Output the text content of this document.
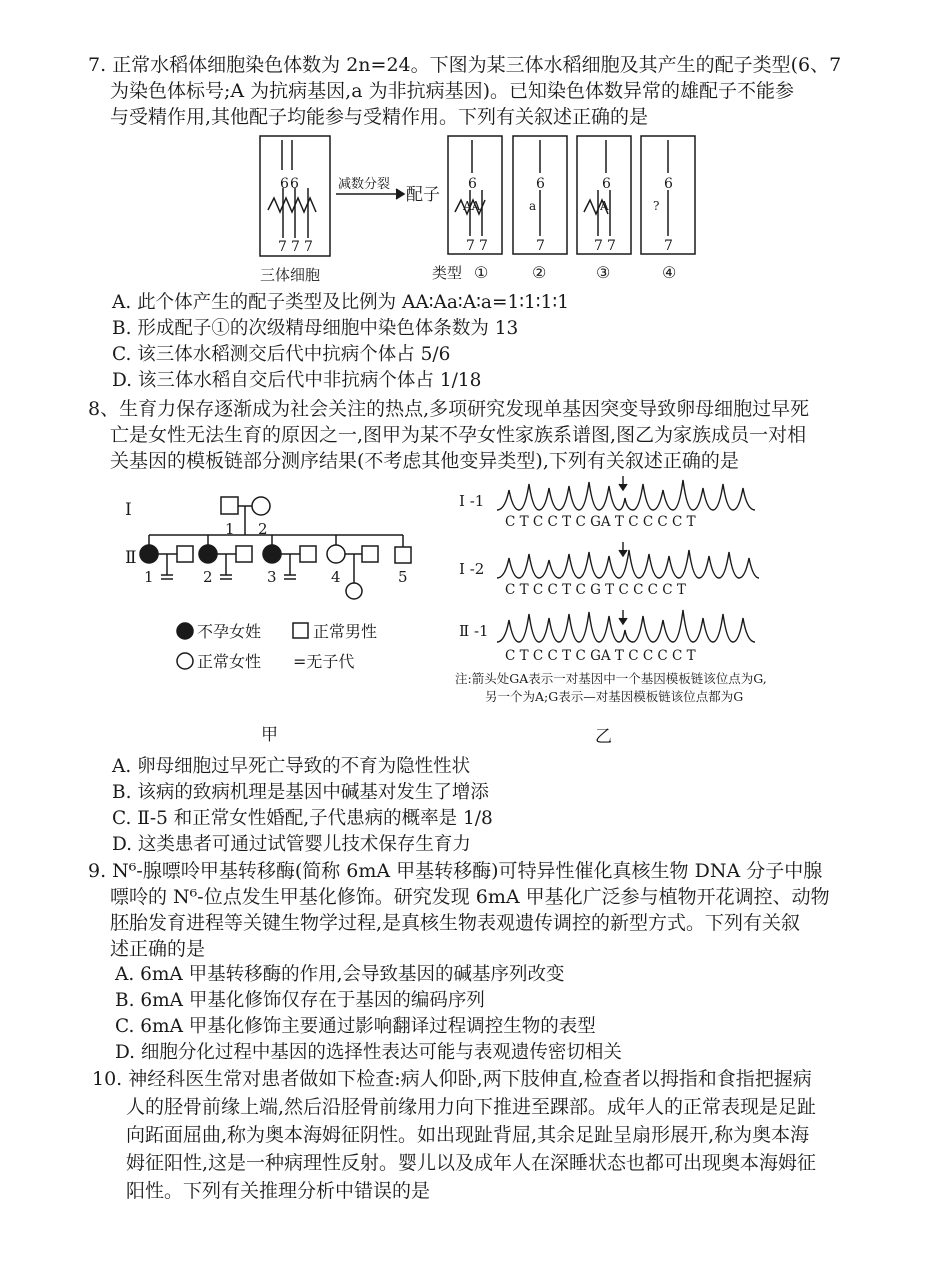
7. 正常水稻体细胞染色体数为 2n=24。下图为某三体水稻细胞及其产生的配子类型(6、7
为染色体标号;A 为抗病基因,a 为非抗病基因)。已知染色体数异常的雄配子不能参
与受精作用,其他配子均能参与受精作用。下列有关叙述正确的是
6 6
7 7 7
减数分裂
配子
6
AA
7 7
6
a
7
6
A
7 7
6
?
7
三体细胞	类型 ①	②	③	④
A. 此个体产生的配子类型及比例为 AA∶Aa∶A∶a=1∶1∶1∶1
B. 形成配子①的次级精母细胞中染色体条数为 13
C. 该三体水稻测交后代中抗病个体占 5/6
D. 该三体水稻自交后代中非抗病个体占 1/18
8、生育力保存逐渐成为社会关注的热点,多项研究发现单基因突变导致卵母细胞过早死
亡是女性无法生育的原因之一,图甲为某不孕女性家族系谱图,图乙为家族成员一对相
关基因的模板链部分测序结果(不考虑其他变异类型),下列有关叙述正确的是
I
Ⅱ
1 2
1	2	3	4	5
不孕女姓	正常男性
正常女性 =无子代
甲
I -1
C T C C T C GA T C C C C T
I -2
C T C C T C G T C C C C T
Ⅱ -1
C T C C T C GA T C C C C T
注:箭头处GA表示一对基因中一个基因模板链该位点为G,
另一个为A;G表示—对基因模板链该位点都为G
乙
A. 卵母细胞过早死亡导致的不育为隐性性状
B. 该病的致病机理是基因中碱基对发生了增添
C. Ⅱ-5 和正常女性婚配,子代患病的概率是 1/8
D. 这类患者可通过试管婴儿技术保存生育力
9. N⁶-腺嘌呤甲基转移酶(简称 6mA 甲基转移酶)可特异性催化真核生物 DNA 分子中腺
嘌呤的 N⁶-位点发生甲基化修饰。研究发现 6mA 甲基化广泛参与植物开花调控、动物
胚胎发育进程等关键生物学过程,是真核生物表观遗传调控的新型方式。下列有关叙
述正确的是
A. 6mA 甲基转移酶的作用,会导致基因的碱基序列改变
B. 6mA 甲基化修饰仅存在于基因的编码序列
C. 6mA 甲基化修饰主要通过影响翻译过程调控生物的表型
D. 细胞分化过程中基因的选择性表达可能与表观遗传密切相关
10. 神经科医生常对患者做如下检查:病人仰卧,两下肢伸直,检查者以拇指和食指把握病
人的胫骨前缘上端,然后沿胫骨前缘用力向下推进至踝部。成年人的正常表现是足趾
向跖面屈曲,称为奥本海姆征阴性。如出现趾背屈,其余足趾呈扇形展开,称为奥本海
姆征阳性,这是一种病理性反射。婴儿以及成年人在深睡状态也都可出现奥本海姆征
阳性。下列有关推理分析中错误的是
